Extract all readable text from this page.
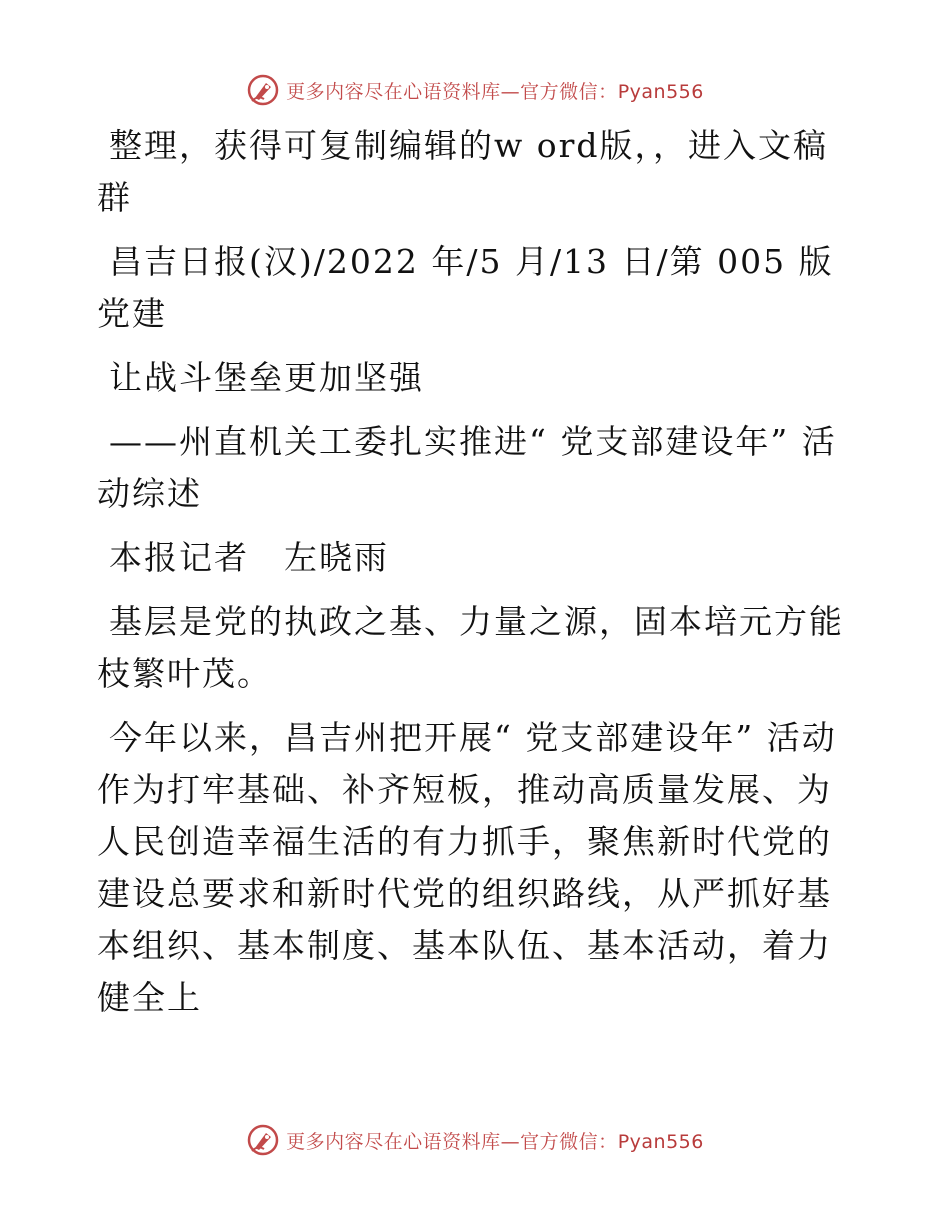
更多内容尽在心语资料库—官方微信：Pyan556

整理，获得可复制编辑的w ord版，，进入文稿群

昌吉日报(汉)/2022 年/5 月/13 日/第 005 版党建

让战斗堡垒更加坚强

——州直机关工委扎实推进“ 党支部建设年” 活动综述

本报记者　左晓雨

基层是党的执政之基、力量之源，固本培元方能枝繁叶茂。

今年以来，昌吉州把开展“ 党支部建设年” 活动作为打牢基础、补齐短板，推动高质量发展、为人民创造幸福生活的有力抓手，聚焦新时代党的建设总要求和新时代党的组织路线，从严抓好基本组织、基本制度、基本队伍、基本活动，着力健全上

更多内容尽在心语资料库—官方微信：Pyan556
